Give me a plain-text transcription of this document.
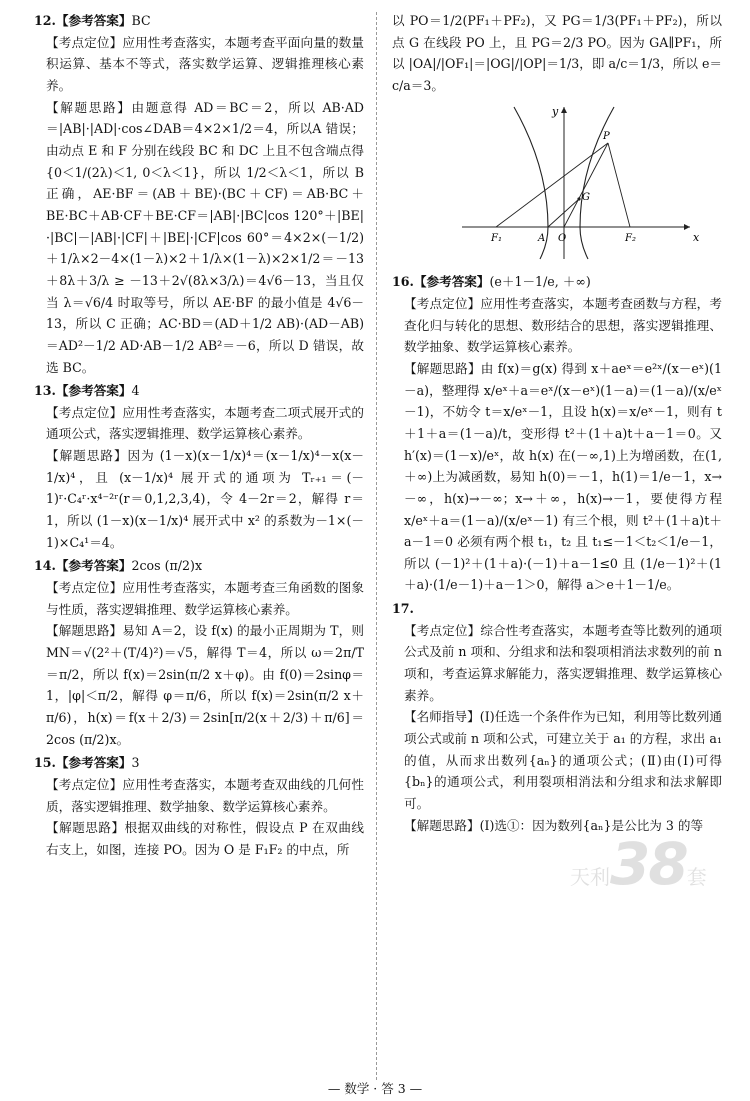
12.【参考答案】BC

【考点定位】应用性考查落实，本题考查平面向量的数量积运算、基本不等式，落实数学运算、逻辑推理核心素养。

【解题思路】由题意得 AD＝BC＝2，所以 AB·AD＝|AB|·|AD|·cos∠DAB＝4×2×1/2＝4，所以A 错误；由动点 E 和 F 分别在线段 BC 和 DC 上且不包含端点得 {0＜1/(2λ)＜1, 0＜λ＜1}，所以 1/2＜λ＜1，所以 B 正确，AE·BF＝(AB＋BE)·(BC＋CF)＝AB·BC＋BE·BC＋AB·CF＋BE·CF＝|AB|·|BC|cos 120°＋|BE|·|BC|－|AB|·|CF|＋|BE|·|CF|cos 60°＝4×2×(－1/2)＋1/λ×2－4×(1－λ)×2＋1/λ×(1－λ)×2×1/2＝－13＋8λ＋3/λ ≥ －13＋2√(8λ×3/λ)＝4√6－13，当且仅当 λ＝√6/4 时取等号，所以 AE·BF 的最小值是 4√6－13，所以 C 正确；AC·BD＝(AD＋1/2 AB)·(AD－AB)＝AD²－1/2 AD·AB－1/2 AB²＝－6，所以 D 错误，故选 BC。

13.【参考答案】4

【考点定位】应用性考查落实，本题考查二项式展开式的通项公式，落实逻辑推理、数学运算核心素养。

【解题思路】因为 (1－x)(x－1/x)⁴＝(x－1/x)⁴－x(x－1/x)⁴，且 (x－1/x)⁴ 展开式的通项为 Tᵣ₊₁＝(－1)ʳ·C₄ʳ·x⁴⁻²ʳ(r＝0,1,2,3,4)，令 4－2r＝2，解得 r＝1，所以 (1－x)(x－1/x)⁴ 展开式中 x² 的系数为－1×(－1)×C₄¹＝4。

14.【参考答案】2cos (π/2)x

【考点定位】应用性考查落实，本题考查三角函数的图象与性质，落实逻辑推理、数学运算核心素养。

【解题思路】易知 A＝2，设 f(x) 的最小正周期为 T，则 MN＝√(2²＋(T/4)²)＝√5，解得 T＝4，所以 ω＝2π/T＝π/2，所以 f(x)＝2sin(π/2 x＋φ)。由 f(0)＝2sinφ＝1，|φ|＜π/2，解得 φ＝π/6，所以 f(x)＝2sin(π/2 x＋π/6)，h(x)＝f(x＋2/3)＝2sin[π/2(x＋2/3)＋π/6]＝2cos (π/2)x。

15.【参考答案】3

【考点定位】应用性考查落实，本题考查双曲线的几何性质，落实逻辑推理、数学抽象、数学运算核心素养。

【解题思路】根据双曲线的对称性，假设点 P 在双曲线右支上，如图，连接 PO。因为 O 是 F₁F₂ 的中点，所

以 PO＝1/2(PF₁＋PF₂)，又 PG＝1/3(PF₁＋PF₂)，所以点 G 在线段 PO 上，且 PG＝2/3 PO。因为 GA∥PF₁，所以 |OA|/|OF₁|＝|OG|/|OP|＝1/3，即 a/c＝1/3，所以 e＝c/a＝3。

x
y
P
G
F₁	A O	F₂
16.【参考答案】(e＋1－1/e, ＋∞)

【考点定位】应用性考查落实，本题考查函数与方程，考查化归与转化的思想、数形结合的思想，落实逻辑推理、数学抽象、数学运算核心素养。

【解题思路】由 f(x)＝g(x) 得到 x＋aeˣ＝e²ˣ/(x－eˣ)(1－a)，整理得 x/eˣ＋a＝eˣ/(x－eˣ)(1－a)＝(1－a)/(x/eˣ－1)，不妨令 t＝x/eˣ－1，且设 h(x)＝x/eˣ－1，则有 t＋1＋a＝(1－a)/t，变形得 t²＋(1＋a)t＋a－1＝0。又 h′(x)＝(1－x)/eˣ，故 h(x) 在(－∞,1)上为增函数，在(1,＋∞)上为减函数，易知 h(0)＝－1，h(1)＝1/e－1，x→－∞，h(x)→－∞；x→＋∞，h(x)→－1，要使得方程 x/eˣ＋a＝(1－a)/(x/eˣ－1) 有三个根，则 t²＋(1＋a)t＋a－1＝0 必须有两个根 t₁，t₂ 且 t₁≤－1＜t₂＜1/e－1，所以 (－1)²＋(1＋a)·(－1)＋a－1≤0 且 (1/e－1)²＋(1＋a)·(1/e－1)＋a－1＞0，解得 a＞e＋1－1/e。

17.

【考点定位】综合性考查落实，本题考查等比数列的通项公式及前 n 项和、分组求和法和裂项相消法求数列的前 n 项和，考查运算求解能力，落实逻辑推理、数学运算核心素养。

【名师指导】(Ⅰ)任选一个条件作为已知，利用等比数列通项公式或前 n 项和公式，可建立关于 a₁ 的方程，求出 a₁ 的值，从而求出数列{aₙ}的通项公式；(Ⅱ)由(Ⅰ)可得{bₙ}的通项公式，利用裂项相消法和分组求和法求解即可。

【解题思路】(Ⅰ)选①：因为数列{aₙ}是公比为 3 的等

天利38套
— 数学 · 答 3 —
